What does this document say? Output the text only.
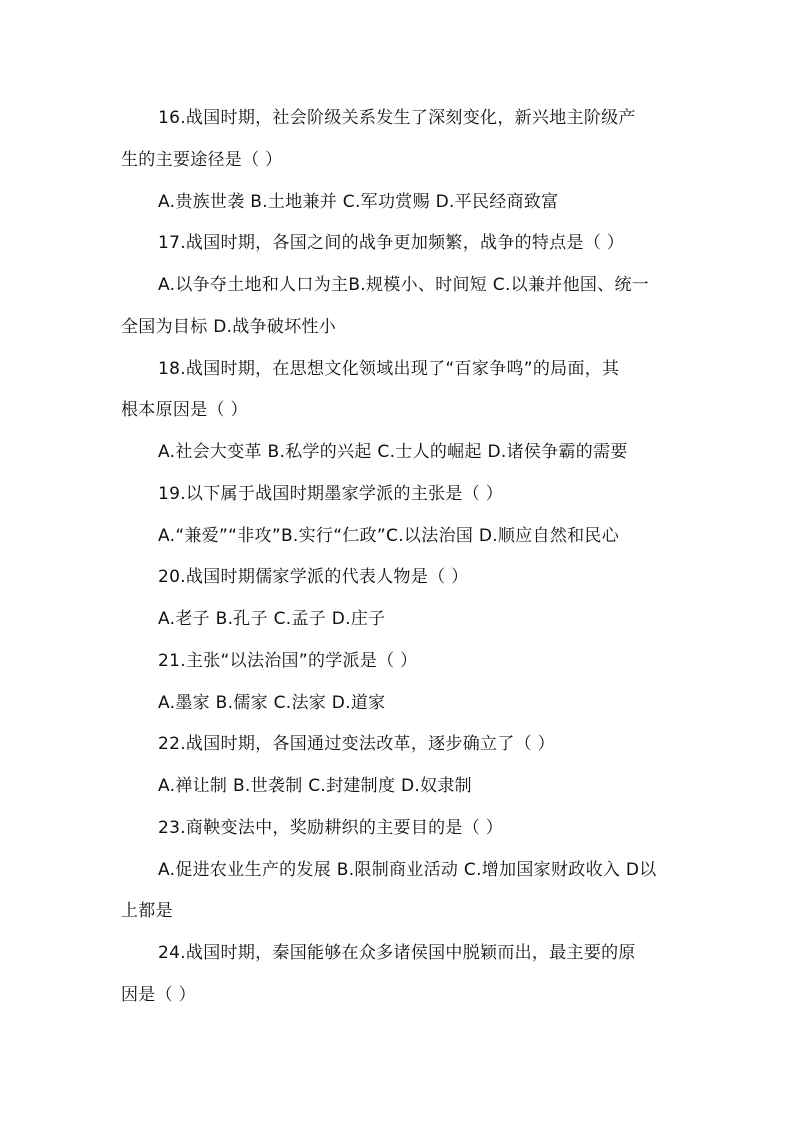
16.战国时期，社会阶级关系发生了深刻变化，新兴地主阶级产
生的主要途径是（ ）
A.贵族世袭 B.土地兼并 C.军功赏赐 D.平民经商致富
17.战国时期，各国之间的战争更加频繁，战争的特点是（ ）
A.以争夺土地和人口为主B.规模小、时间短 C.以兼并他国、统一
全国为目标 D.战争破坏性小
18.战国时期，在思想文化领域出现了“百家争鸣”的局面，其
根本原因是（ ）
A.社会大变革 B.私学的兴起 C.士人的崛起 D.诸侯争霸的需要
19.以下属于战国时期墨家学派的主张是（ ）
A.“兼爱”“非攻”B.实行“仁政”C.以法治国 D.顺应自然和民心
20.战国时期儒家学派的代表人物是（ ）
A.老子 B.孔子 C.孟子 D.庄子
21.主张“以法治国”的学派是（ ）
A.墨家 B.儒家 C.法家 D.道家
22.战国时期，各国通过变法改革，逐步确立了（ ）
A.禅让制 B.世袭制 C.封建制度 D.奴隶制
23.商鞅变法中，奖励耕织的主要目的是（ ）
A.促进农业生产的发展 B.限制商业活动 C.增加国家财政收入 D以
上都是
24.战国时期，秦国能够在众多诸侯国中脱颖而出，最主要的原
因是（ ）
